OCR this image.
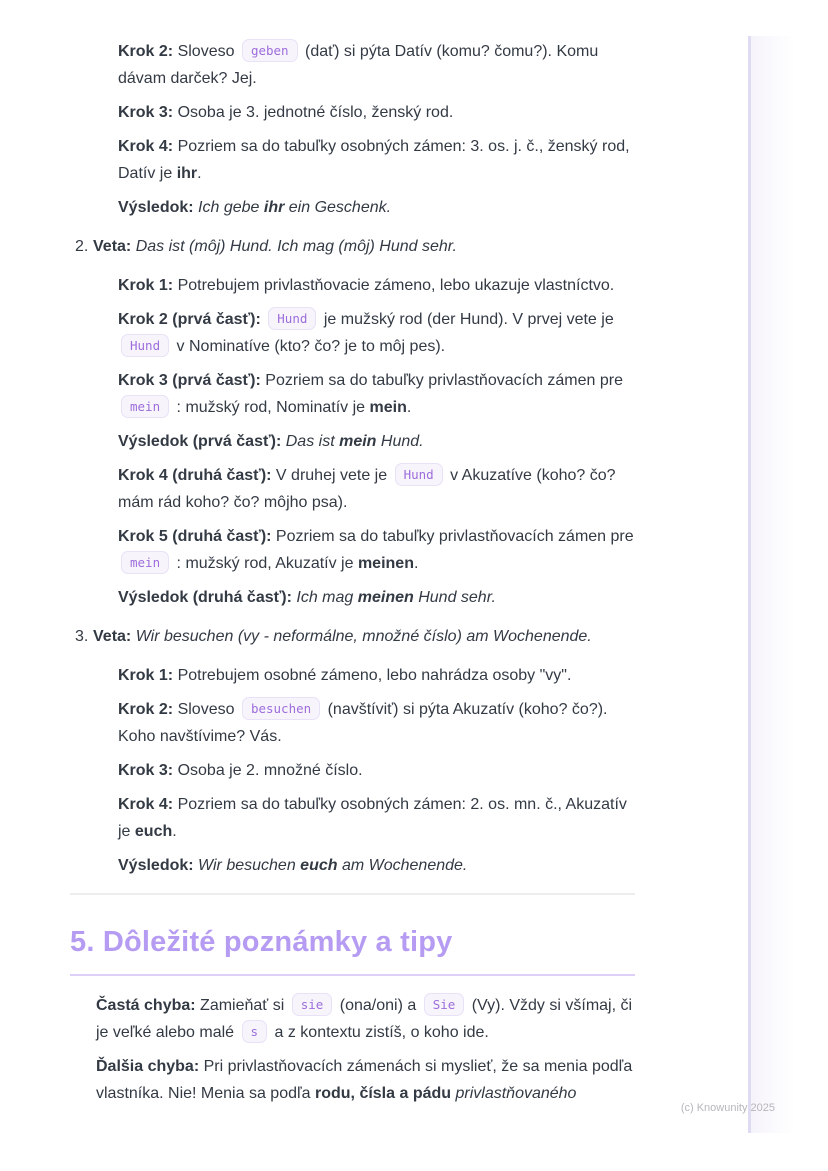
Krok 2: Sloveso geben (dať) si pýta Datív (komu? čomu?). Komu dávam darček? Jej.
Krok 3: Osoba je 3. jednotné číslo, ženský rod.
Krok 4: Pozriem sa do tabuľky osobných zámen: 3. os. j. č., ženský rod, Datív je ihr.
Výsledok: Ich gebe ihr ein Geschenk.
2. Veta: Das ist (môj) Hund. Ich mag (môj) Hund sehr.
Krok 1: Potrebujem privlastňovacie zámeno, lebo ukazuje vlastníctvo.
Krok 2 (prvá časť): Hund je mužský rod (der Hund). V prvej vete je Hund v Nominatíve (kto? čo? je to môj pes).
Krok 3 (prvá časť): Pozriem sa do tabuľky privlastňovacích zámen pre mein : mužský rod, Nominatív je mein.
Výsledok (prvá časť): Das ist mein Hund.
Krok 4 (druhá časť): V druhej vete je Hund v Akuzatíve (koho? čo? mám rád koho? čo? môjho psa).
Krok 5 (druhá časť): Pozriem sa do tabuľky privlastňovacích zámen pre mein : mužský rod, Akuzatív je meinen.
Výsledok (druhá časť): Ich mag meinen Hund sehr.
3. Veta: Wir besuchen (vy - neformálne, množné číslo) am Wochenende.
Krok 1: Potrebujem osobné zámeno, lebo nahrádza osoby "vy".
Krok 2: Sloveso besuchen (navštíviť) si pýta Akuzatív (koho? čo?). Koho navštívime? Vás.
Krok 3: Osoba je 2. množné číslo.
Krok 4: Pozriem sa do tabuľky osobných zámen: 2. os. mn. č., Akuzatív je euch.
Výsledok: Wir besuchen euch am Wochenende.
5. Dôležité poznámky a tipy
Častá chyba: Zamieňať si sie (ona/oni) a Sie (Vy). Vždy si všímaj, či je veľké alebo malé s a z kontextu zistíš, o koho ide.
Ďalšia chyba: Pri privlastňovacích zámenách si myslieť, že sa menia podľa vlastníka. Nie! Menia sa podľa rodu, čísla a pádu privlastňovaného
(c) Knowunity 2025
